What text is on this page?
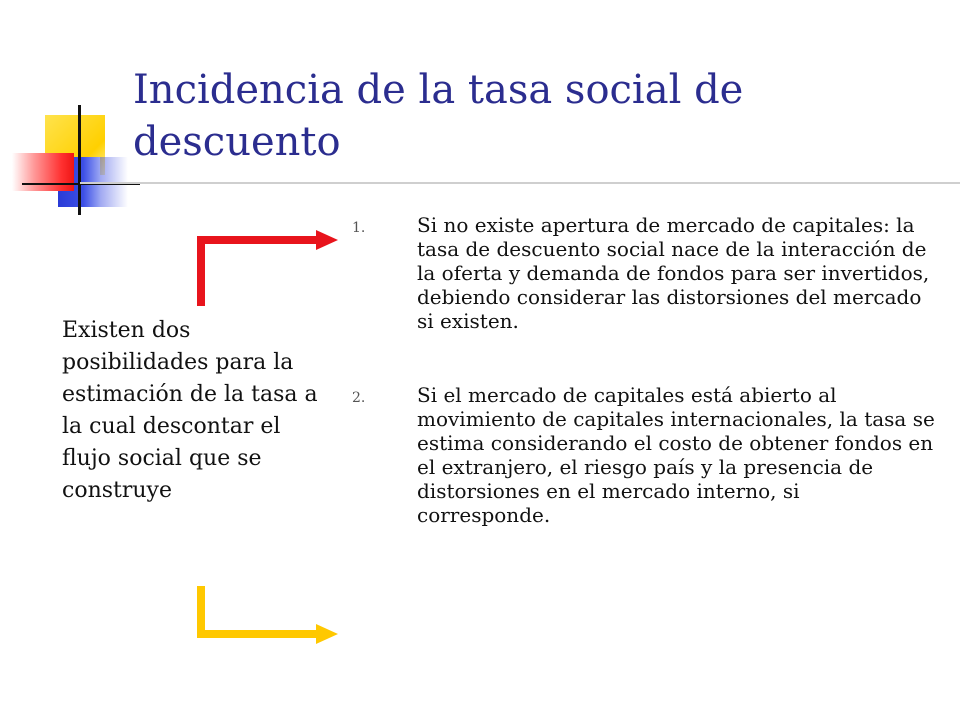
Incidencia de la tasa social de descuento

Existen dos posibilidades para la estimación de la tasa a la cual descontar el flujo social que se construye

1.	Si no existe apertura de mercado de capitales: la tasa de descuento social nace de la interacción de la oferta y demanda de fondos para ser invertidos, debiendo considerar las distorsiones del mercado si existen.
2.	Si el mercado de capitales está abierto al movimiento de capitales internacionales, la tasa se estima considerando el costo de obtener fondos en el extranjero, el riesgo país y la presencia de distorsiones en el mercado interno, si corresponde.
